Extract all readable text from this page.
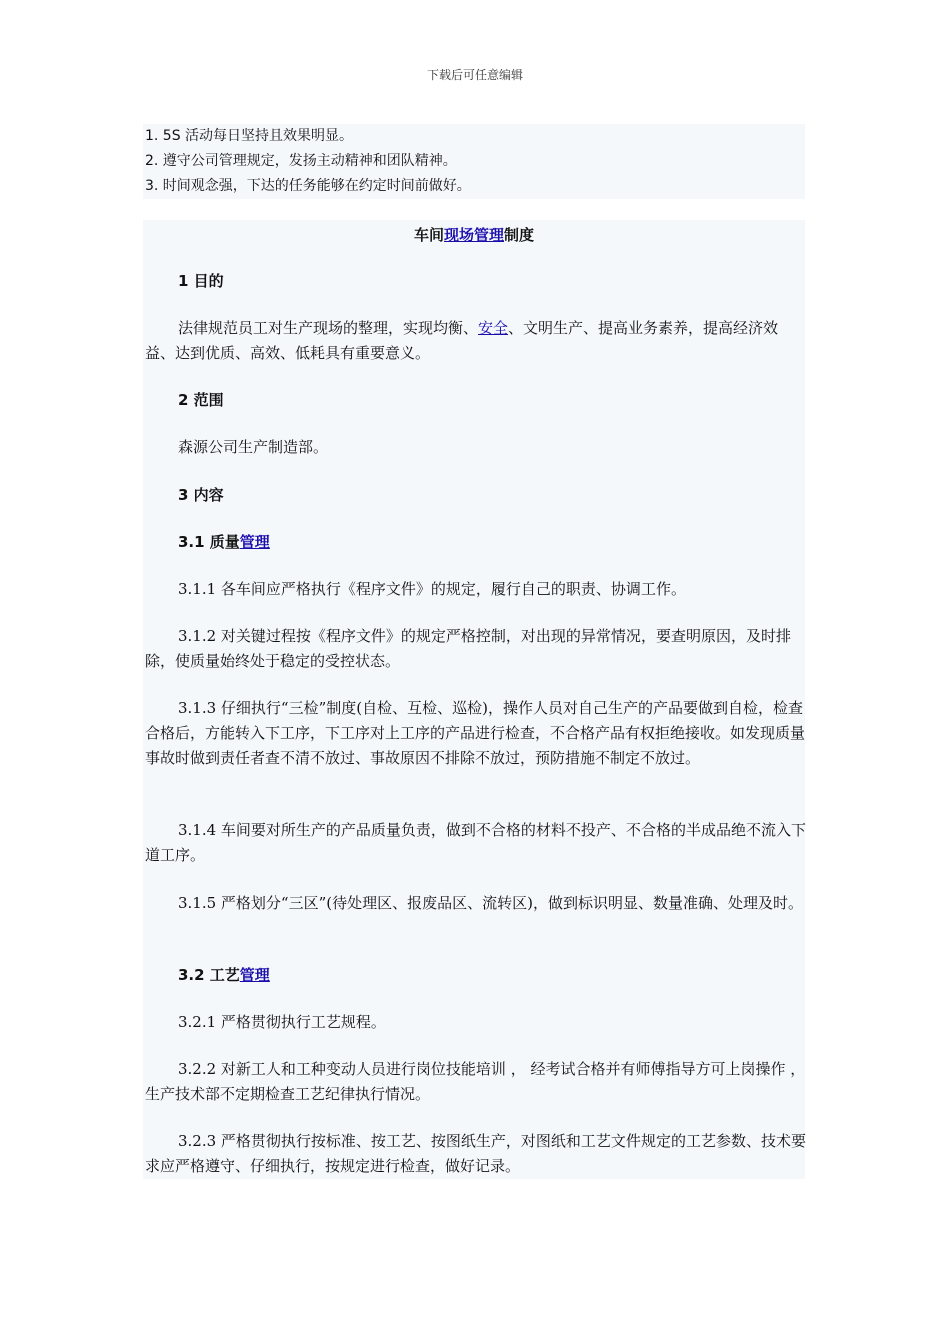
下载后可任意编辑
1. 5S 活动每日坚持且效果明显。
2. 遵守公司管理规定，发扬主动精神和团队精神。
3. 时间观念强，下达的任务能够在约定时间前做好。
车间现场管理制度
1 目的
法律规范员工对生产现场的整理，实现均衡、安全、文明生产、提高业务素养，提高经济效益、达到优质、高效、低耗具有重要意义。
2 范围
森源公司生产制造部。
3 内容
3.1 质量管理
3.1.1 各车间应严格执行《程序文件》的规定，履行自己的职责、协调工作。
3.1.2 对关键过程按《程序文件》的规定严格控制，对出现的异常情况，要查明原因，及时排除，使质量始终处于稳定的受控状态。
3.1.3 仔细执行“三检”制度(自检、互检、巡检)，操作人员对自己生产的产品要做到自检，检查合格后，方能转入下工序，下工序对上工序的产品进行检查，不合格产品有权拒绝接收。如发现质量事故时做到责任者查不清不放过、事故原因不排除不放过，预防措施不制定不放过。
3.1.4 车间要对所生产的产品质量负责，做到不合格的材料不投产、不合格的半成品绝不流入下道工序。
3.1.5 严格划分“三区”(待处理区、报废品区、流转区)，做到标识明显、数量准确、处理及时。
3.2 工艺管理
3.2.1 严格贯彻执行工艺规程。
3.2.2 对新工人和工种变动人员进行岗位技能培训 ， 经考试合格并有师傅指导方可上岗操作 ， 生产技术部不定期检查工艺纪律执行情况。
3.2.3 严格贯彻执行按标准、按工艺、按图纸生产，对图纸和工艺文件规定的工艺参数、技术要求应严格遵守、仔细执行，按规定进行检查，做好记录。
